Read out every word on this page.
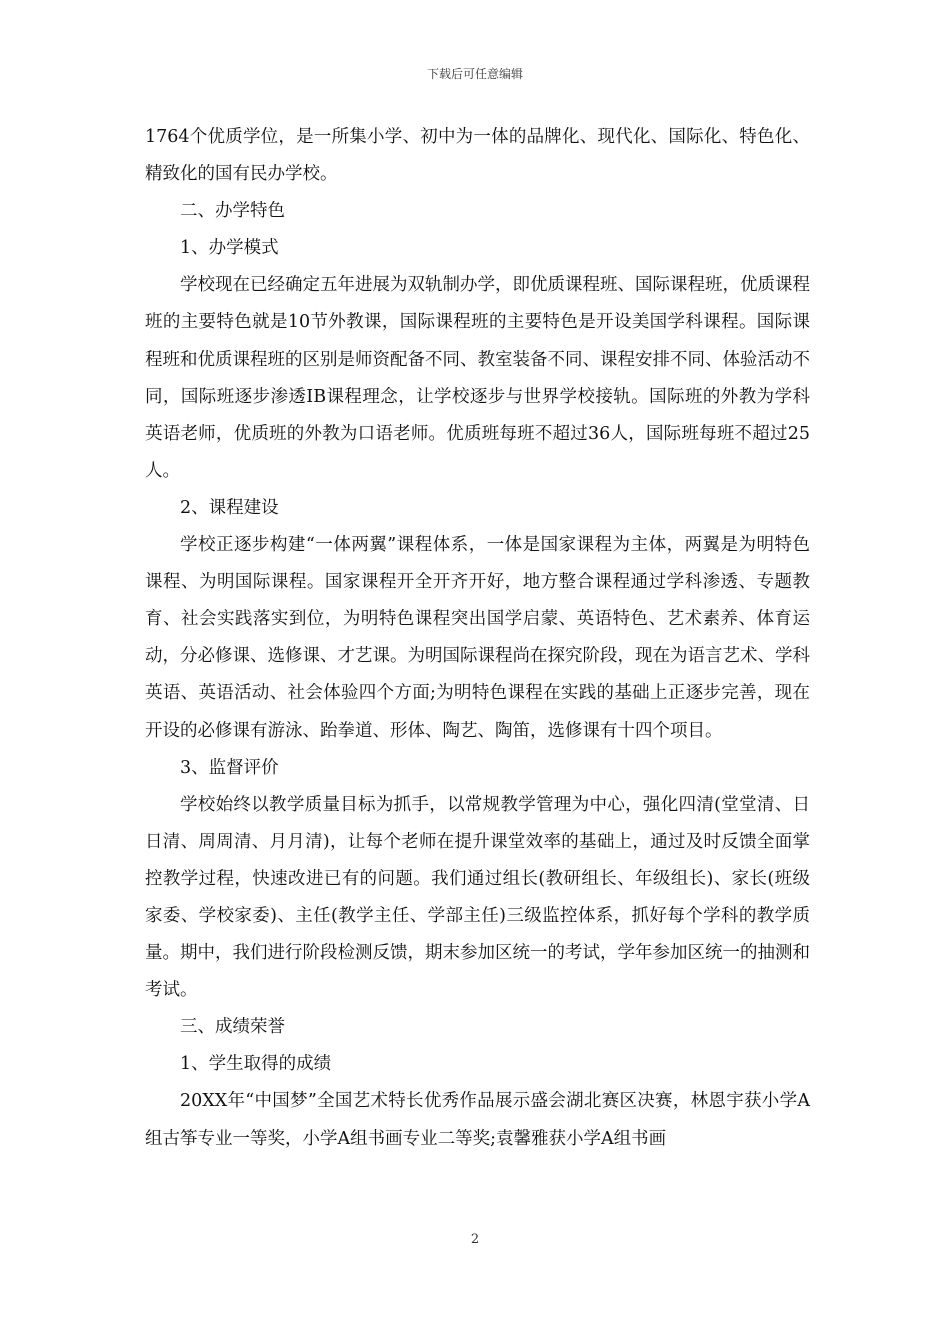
下载后可任意编辑

1764个优质学位，是一所集小学、初中为一体的品牌化、现代化、国际化、特色化、精致化的国有民办学校。

二、办学特色

1、办学模式

学校现在已经确定五年进展为双轨制办学，即优质课程班、国际课程班，优质课程班的主要特色就是10节外教课，国际课程班的主要特色是开设美国学科课程。国际课程班和优质课程班的区别是师资配备不同、教室装备不同、课程安排不同、体验活动不同，国际班逐步渗透IB课程理念，让学校逐步与世界学校接轨。国际班的外教为学科英语老师，优质班的外教为口语老师。优质班每班不超过36人，国际班每班不超过25人。

2、课程建设

学校正逐步构建“一体两翼”课程体系，一体是国家课程为主体，两翼是为明特色课程、为明国际课程。国家课程开全开齐开好，地方整合课程通过学科渗透、专题教育、社会实践落实到位，为明特色课程突出国学启蒙、英语特色、艺术素养、体育运动，分必修课、选修课、才艺课。为明国际课程尚在探究阶段，现在为语言艺术、学科英语、英语活动、社会体验四个方面;为明特色课程在实践的基础上正逐步完善，现在开设的必修课有游泳、跆拳道、形体、陶艺、陶笛，选修课有十四个项目。

3、监督评价

学校始终以教学质量目标为抓手，以常规教学管理为中心，强化四清(堂堂清、日日清、周周清、月月清)，让每个老师在提升课堂效率的基础上，通过及时反馈全面掌控教学过程，快速改进已有的问题。我们通过组长(教研组长、年级组长)、家长(班级家委、学校家委)、主任(教学主任、学部主任)三级监控体系，抓好每个学科的教学质量。期中，我们进行阶段检测反馈，期末参加区统一的考试，学年参加区统一的抽测和考试。

三、成绩荣誉

1、学生取得的成绩

20XX年“中国梦”全国艺术特长优秀作品展示盛会湖北赛区决赛，林恩宇获小学A组古筝专业一等奖，小学A组书画专业二等奖;袁馨雅获小学A组书画

2
